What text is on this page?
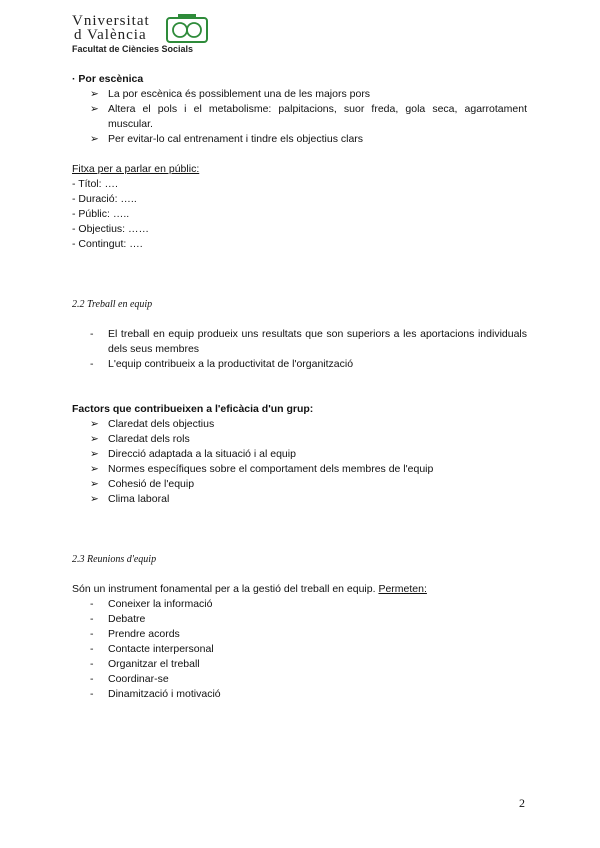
Vniversitat
d València
Facultat de Ciències Socials
· Por escènica
➢ La por escènica és possiblement una de les majors pors
➢ Altera el pols i el metabolisme: palpitacions, suor freda, gola seca, agarrotament muscular.
➢ Per evitar-lo cal entrenament i tindre els objectius clars
Fitxa per a parlar en públic:
- Títol: ….
- Duració: …..
- Públic: …..
- Objectius: ……
- Contingut: ….
2.2 Treball en equip
- El treball en equip produeix uns resultats que son superiors a les aportacions individuals dels seus membres
- L'equip contribueix a la productivitat de l'organització
Factors que contribueixen a l'eficàcia d'un grup:
➢ Claredat dels objectius
➢ Claredat dels rols
➢ Direcció adaptada a la situació i al equip
➢ Normes específiques sobre el comportament dels membres de l'equip
➢ Cohesió de l'equip
➢ Clima laboral
2.3 Reunions d'equip
Són un instrument fonamental per a la gestió del treball en equip. Permeten:
- Coneixer la informació
- Debatre
- Prendre acords
- Contacte interpersonal
- Organitzar el treball
- Coordinar-se
- Dinamització i motivació
2
